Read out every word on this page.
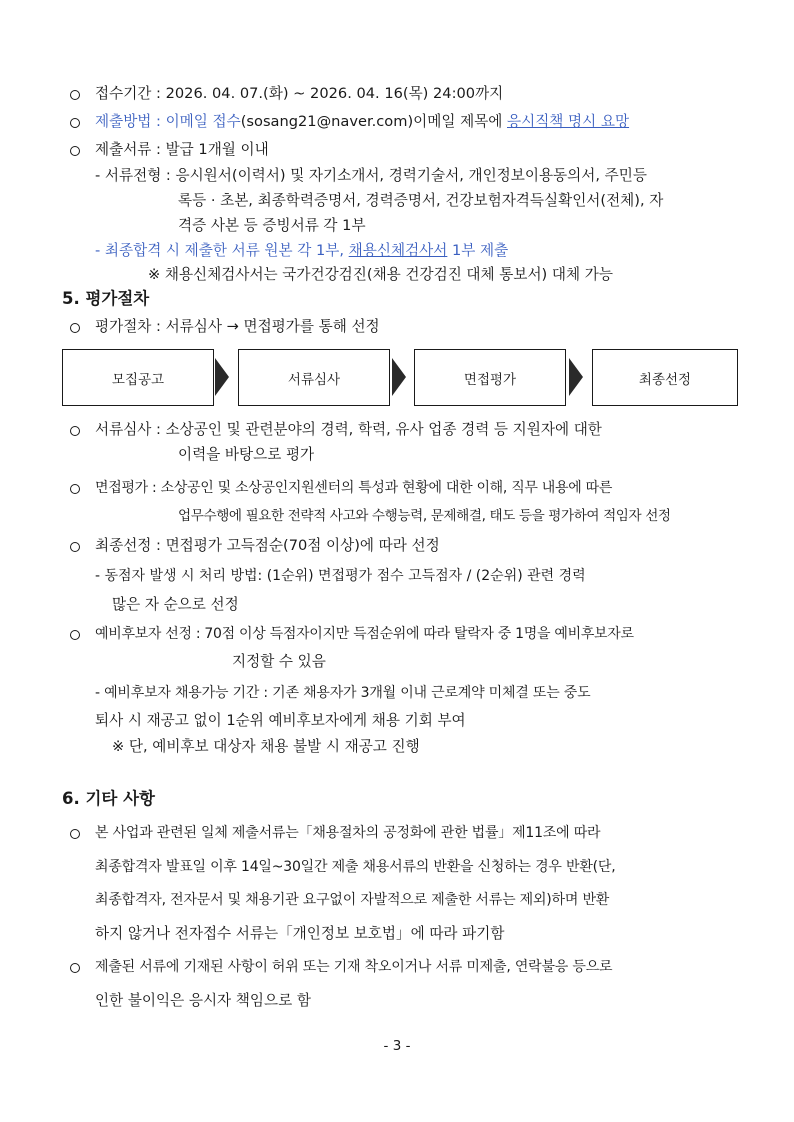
접수기간 : 2026. 04. 07.(화) ~ 2026. 04. 16(목) 24:00까지
제출방법 : 이메일 접수(sosang21@naver.com)이메일 제목에 응시직책 명시 요망
제출서류 : 발급 1개월 이내
- 서류전형 : 응시원서(이력서) 및 자기소개서, 경력기술서, 개인정보이용동의서, 주민등
록등 · 초본, 최종학력증명서, 경력증명서, 건강보험자격득실확인서(전체), 자
격증 사본 등 증빙서류 각 1부
- 최종합격 시 제출한 서류 원본 각 1부, 채용신체검사서 1부 제출
※ 채용신체검사서는 국가건강검진(채용 건강검진 대체 통보서) 대체 가능
5. 평가절차
평가절차 : 서류심사 → 면접평가를 통해 선정
모집공고	서류심사	면접평가	최종선정
서류심사 : 소상공인 및 관련분야의 경력, 학력, 유사 업종 경력 등 지원자에 대한
이력을 바탕으로 평가
면접평가 : 소상공인 및 소상공인지원센터의 특성과 현황에 대한 이해, 직무 내용에 따른
업무수행에 필요한 전략적 사고와 수행능력, 문제해결, 태도 등을 평가하여 적임자 선정
최종선정 : 면접평가 고득점순(70점 이상)에 따라 선정
- 동점자 발생 시 처리 방법: (1순위) 면접평가 점수 고득점자 / (2순위) 관련 경력
많은 자 순으로 선정
예비후보자 선정 : 70점 이상 득점자이지만 득점순위에 따라 탈락자 중 1명을 예비후보자로
지정할 수 있음
- 예비후보자 채용가능 기간 : 기존 채용자가 3개월 이내 근로계약 미체결 또는 중도
퇴사 시 재공고 없이 1순위 예비후보자에게 채용 기회 부여
※ 단, 예비후보 대상자 채용 불발 시 재공고 진행
6. 기타 사항
본 사업과 관련된 일체 제출서류는「채용절차의 공정화에 관한 법률」제11조에 따라
최종합격자 발표일 이후 14일~30일간 제출 채용서류의 반환을 신청하는 경우 반환(단,
최종합격자, 전자문서 및 채용기관 요구없이 자발적으로 제출한 서류는 제외)하며 반환
하지 않거나 전자접수 서류는「개인정보 보호법」에 따라 파기함
제출된 서류에 기재된 사항이 허위 또는 기재 착오이거나 서류 미제출, 연락불응 등으로
인한 불이익은 응시자 책임으로 함
- 3 -
